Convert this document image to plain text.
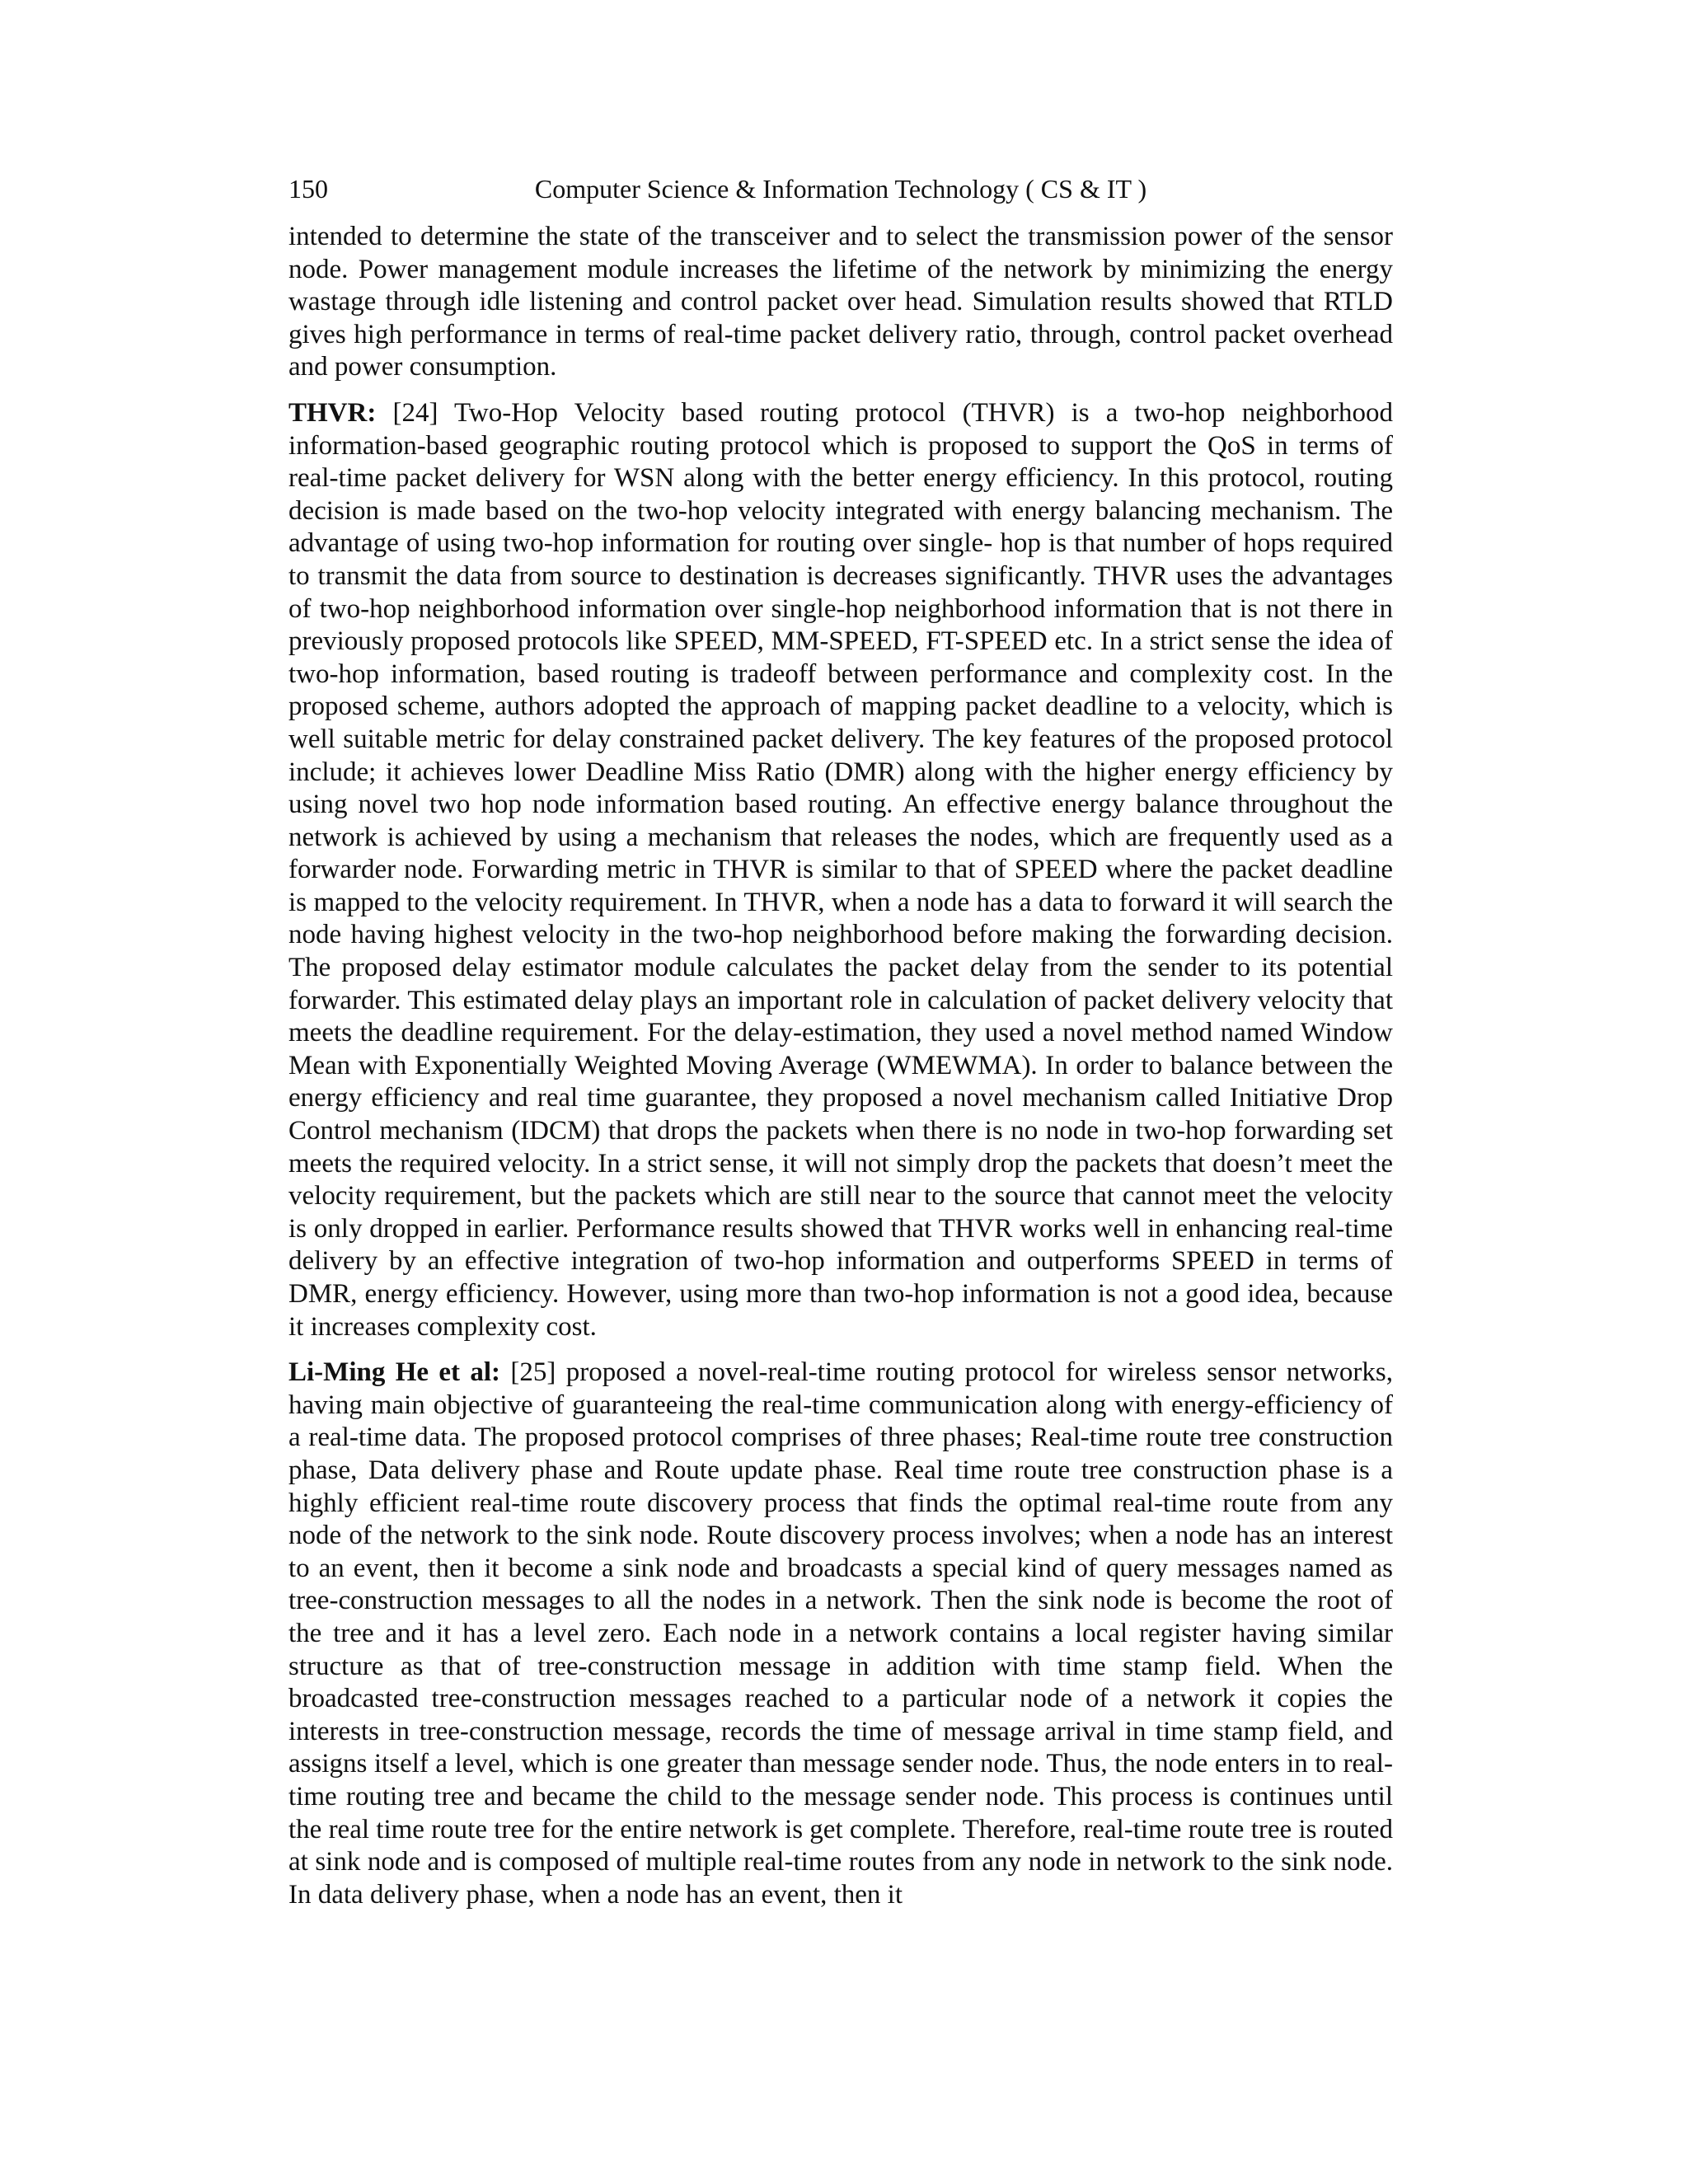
150	Computer Science & Information Technology ( CS & IT )

intended to determine the state of the transceiver and to select the transmission power of the sensor node. Power management module increases the lifetime of the network by minimizing the energy wastage through idle listening and control packet over head. Simulation results showed that RTLD gives high performance in terms of real-time packet delivery ratio, through, control packet overhead and power consumption.

THVR: [24] Two-Hop Velocity based routing protocol (THVR) is a two-hop neighborhood information-based geographic routing protocol which is proposed to support the QoS in terms of real-time packet delivery for WSN along with the better energy efficiency. In this protocol, routing decision is made based on the two-hop velocity integrated with energy balancing mechanism. The advantage of using two-hop information for routing over single- hop is that number of hops required to transmit the data from source to destination is decreases significantly. THVR uses the advantages of two-hop neighborhood information over single-hop neighborhood information that is not there in previously proposed protocols like SPEED, MM-SPEED, FT-SPEED etc. In a strict sense the idea of two-hop information, based routing is tradeoff between performance and complexity cost. In the proposed scheme, authors adopted the approach of mapping packet deadline to a velocity, which is well suitable metric for delay constrained packet delivery. The key features of the proposed protocol include; it achieves lower Deadline Miss Ratio (DMR) along with the higher energy efficiency by using novel two hop node information based routing. An effective energy balance throughout the network is achieved by using a mechanism that releases the nodes, which are frequently used as a forwarder node. Forwarding metric in THVR is similar to that of SPEED where the packet deadline is mapped to the velocity requirement. In THVR, when a node has a data to forward it will search the node having highest velocity in the two-hop neighborhood before making the forwarding decision. The proposed delay estimator module calculates the packet delay from the sender to its potential forwarder. This estimated delay plays an important role in calculation of packet delivery velocity that meets the deadline requirement. For the delay-estimation, they used a novel method named Window Mean with Exponentially Weighted Moving Average (WMEWMA). In order to balance between the energy efficiency and real time guarantee, they proposed a novel mechanism called Initiative Drop Control mechanism (IDCM) that drops the packets when there is no node in two-hop forwarding set meets the required velocity. In a strict sense, it will not simply drop the packets that doesn’t meet the velocity requirement, but the packets which are still near to the source that cannot meet the velocity is only dropped in earlier. Performance results showed that THVR works well in enhancing real-time delivery by an effective integration of two-hop information and outperforms SPEED in terms of DMR, energy efficiency. However, using more than two-hop information is not a good idea, because it increases complexity cost.

Li-Ming He et al: [25] proposed a novel-real-time routing protocol for wireless sensor networks, having main objective of guaranteeing the real-time communication along with energy-efficiency of a real-time data. The proposed protocol comprises of three phases; Real-time route tree construction phase, Data delivery phase and Route update phase. Real time route tree construction phase is a highly efficient real-time route discovery process that finds the optimal real-time route from any node of the network to the sink node. Route discovery process involves; when a node has an interest to an event, then it become a sink node and broadcasts a special kind of query messages named as tree-construction messages to all the nodes in a network. Then the sink node is become the root of the tree and it has a level zero. Each node in a network contains a local register having similar structure as that of tree-construction message in addition with time stamp field. When the broadcasted tree-construction messages reached to a particular node of a network it copies the interests in tree-construction message, records the time of message arrival in time stamp field, and assigns itself a level, which is one greater than message sender node. Thus, the node enters in to real-time routing tree and became the child to the message sender node. This process is continues until the real time route tree for the entire network is get complete. Therefore, real-time route tree is routed at sink node and is composed of multiple real-time routes from any node in network to the sink node. In data delivery phase, when a node has an event, then it
